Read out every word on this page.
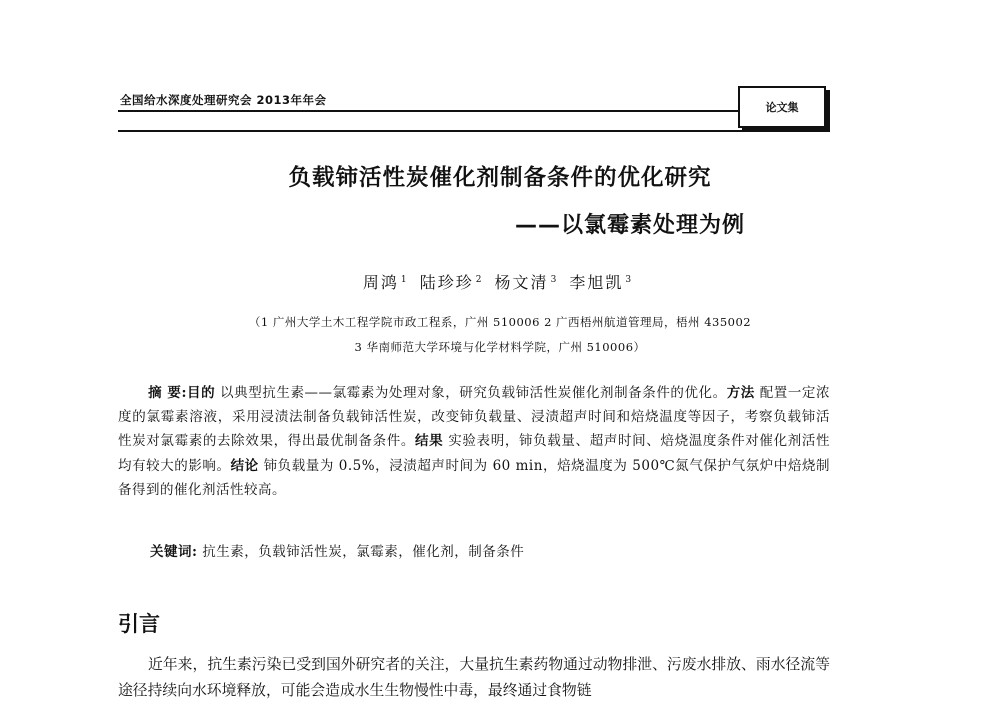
全国给水深度处理研究会 2013年年会
论文集
负载铈活性炭催化剂制备条件的优化研究
——以氯霉素处理为例
周鸿 $^1$ 陆珍珍 $^2$ 杨文清 $^3$ 李旭凯 $^3$
（1 广州大学土木工程学院市政工程系，广州 510006 2 广西梧州航道管理局，梧州 435002
3 华南师范大学环境与化学材料学院，广州 510006）
摘 要:目的 以典型抗生素——氯霉素为处理对象，研究负载铈活性炭催化剂制备条件的优化。方法 配置一定浓度的氯霉素溶液，采用浸渍法制备负载铈活性炭，改变铈负载量、浸渍超声时间和焙烧温度等因子，考察负载铈活性炭对氯霉素的去除效果，得出最优制备条件。结果 实验表明，铈负载量、超声时间、焙烧温度条件对催化剂活性均有较大的影响。结论 铈负载量为 0.5%，浸渍超声时间为 60 min，焙烧温度为 500℃氮气保护气氛炉中焙烧制备得到的催化剂活性较高。
关键词: 抗生素，负载铈活性炭，氯霉素，催化剂，制备条件
引言
近年来，抗生素污染已受到国外研究者的关注，大量抗生素药物通过动物排泄、污废水排放、雨水径流等途径持续向水环境释放，可能会造成水生生物慢性中毒，最终通过食物链
